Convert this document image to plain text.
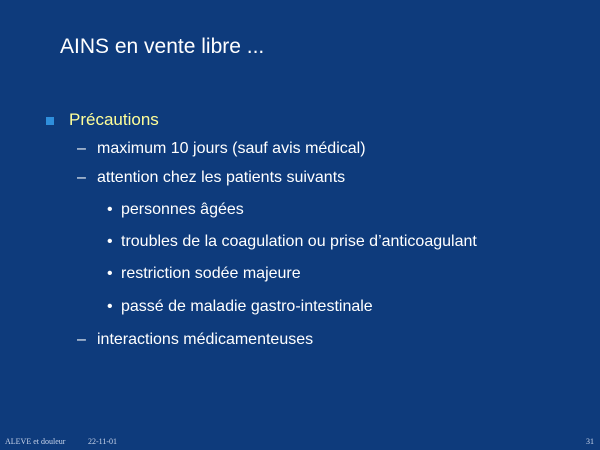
AINS en vente libre ...
Précautions
– maximum 10 jours (sauf avis médical)
– attention chez les patients suivants
• personnes âgées
• troubles de la coagulation ou prise d’anticoagulant
• restriction sodée majeure
• passé de maladie gastro-intestinale
– interactions médicamenteuses
ALEVE et douleur	22-11-01	31
